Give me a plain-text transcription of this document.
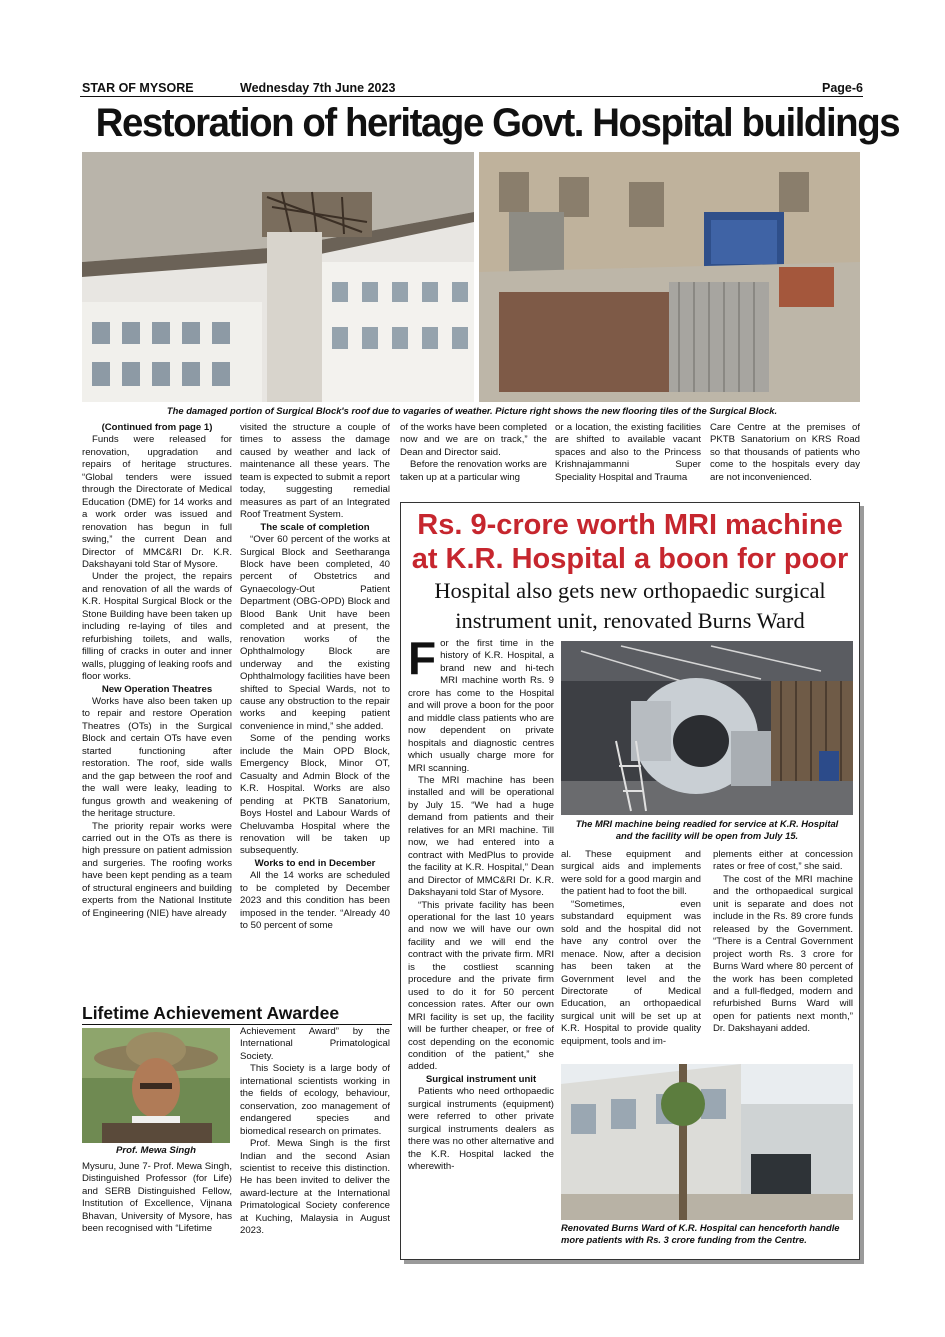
STAR OF MYSORE	Wednesday 7th June 2023	Page-6
Restoration of heritage Govt. Hospital buildings
The damaged portion of Surgical Block's roof due to vagaries of weather. Picture right shows the new flooring tiles of the Surgical Block.

(Continued from page 1)

Funds were released for renovation, upgradation and repairs of heritage structures. “Global tenders were issued through the Directorate of Medical Education (DME) for 14 works and a work order was issued and renovation has begun in full swing,” the current Dean and Director of MMC&RI Dr. K.R. Dakshayani told Star of Mysore.

Under the project, the repairs and renovation of all the wards of K.R. Hospital Surgical Block or the Stone Building have been taken up including re-laying of tiles and refurbishing toilets, and walls, filling of cracks in outer and inner walls, plugging of leaking roofs and floor works.

New Operation Theatres

Works have also been taken up to repair and restore Operation Theatres (OTs) in the Surgical Block and certain OTs have even started functioning after restoration. The roof, side walls and the gap between the roof and the wall were leaky, leading to fungus growth and weakening of the heritage structure.

The priority repair works were carried out in the OTs as there is high pressure on patient admission and surgeries. The roofing works have been kept pending as a team of structural engineers and building experts from the National Institute of Engineering (NIE) have already

visited the structure a couple of times to assess the damage caused by weather and lack of maintenance all these years. The team is expected to submit a report today, suggesting remedial measures as part of an Integrated Roof Treatment System.

The scale of completion

“Over 60 percent of the works at Surgical Block and Seetharanga Block have been completed, 40 percent of Obstetrics and Gynaecology-Out Patient Department (OBG-OPD) Block and Blood Bank Unit have been completed and at present, the renovation works of the Ophthalmology Block are underway and the existing Ophthalmology facilities have been shifted to Special Wards, not to cause any obstruction to the repair works and keeping patient convenience in mind,” she added.

Some of the pending works include the Main OPD Block, Emergency Block, Minor OT, Casualty and Admin Block of the K.R. Hospital. Works are also pending at PKTB Sanatorium, Boys Hostel and Labour Wards of Cheluvamba Hospital where the renovation will be taken up subsequently.

Works to end in December

All the 14 works are scheduled to be completed by December 2023 and this condition has been imposed in the tender. “Already 40 to 50 percent of some

of the works have been completed now and we are on track,” the Dean and Director said.

Before the renovation works are taken up at a particular wing

or a location, the existing facilities are shifted to available vacant spaces and also to the Princess Krishnajammanni Super Speciality Hospital and Trauma

Care Centre at the premises of PKTB Sanatorium on KRS Road so that thousands of patients who come to the hospitals every day are not inconvenienced.

Rs. 9-crore worth MRI machine
at K.R. Hospital a boon for poor
Hospital also gets new orthopaedic surgical
instrument unit, renovated Burns Ward

For the first time in the history of K.R. Hospital, a brand new and hi-tech MRI machine worth Rs. 9 crore has come to the Hospital and will prove a boon for the poor and middle class patients who are now dependent on private hospitals and diagnostic centres which usually charge more for MRI scanning.

The MRI machine has been installed and will be operational by July 15. “We had a huge demand from patients and their relatives for an MRI machine. Till now, we had entered into a contract with MedPlus to provide the facility at K.R. Hospital,” Dean and Director of MMC&RI Dr. K.R. Dakshayani told Star of Mysore.

“This private facility has been operational for the last 10 years and now we will have our own facility and we will end the contract with the private firm. MRI is the costliest scanning procedure and the private firm used to do it for 50 percent concession rates. After our own MRI facility is set up, the facility will be further cheaper, or free of cost depending on the economic condition of the patient,” she added.

Surgical instrument unit

Patients who need orthopaedic surgical instruments (equipment) were referred to other private surgical instruments dealers as there was no other alternative and the K.R. Hospital lacked the wherewith-

The MRI machine being readied for service at K.R. Hospital
and the facility will be open from July 15.

al. These equipment and surgical aids and implements were sold for a good margin and the patient had to foot the bill.

“Sometimes, even substandard equipment was sold and the hospital did not have any control over the menace. Now, after a decision has been taken at the Government level and the Directorate of Medical Education, an orthopaedical surgical unit will be set up at K.R. Hospital to provide quality equipment, tools and im-

plements either at concession rates or free of cost,” she said.

The cost of the MRI machine and the orthopaedical surgical unit is separate and does not include in the Rs. 89 crore funds released by the Government. “There is a Central Government project worth Rs. 3 crore for Burns Ward where 80 percent of the work has been completed and a full-fledged, modern and refurbished Burns Ward will open for patients next month,” Dr. Dakshayani added.

Renovated Burns Ward of K.R. Hospital can henceforth handle
more patients with Rs. 3 crore funding from the Centre.
Lifetime Achievement Awardee
Prof. Mewa Singh

Mysuru, June 7- Prof. Mewa Singh, Distinguished Professor (for Life) and SERB Distinguished Fellow, Institution of Excellence, Vijnana Bhavan, University of Mysore, has been recognised with “Lifetime

Achievement Award” by the International Primatological Society.

This Society is a large body of international scientists working in the fields of ecology, behaviour, conservation, zoo management of endangered species and biomedical research on primates.

Prof. Mewa Singh is the first Indian and the second Asian scientist to receive this distinction. He has been invited to deliver the award-lecture at the International Primatological Society conference at Kuching, Malaysia in August 2023.
